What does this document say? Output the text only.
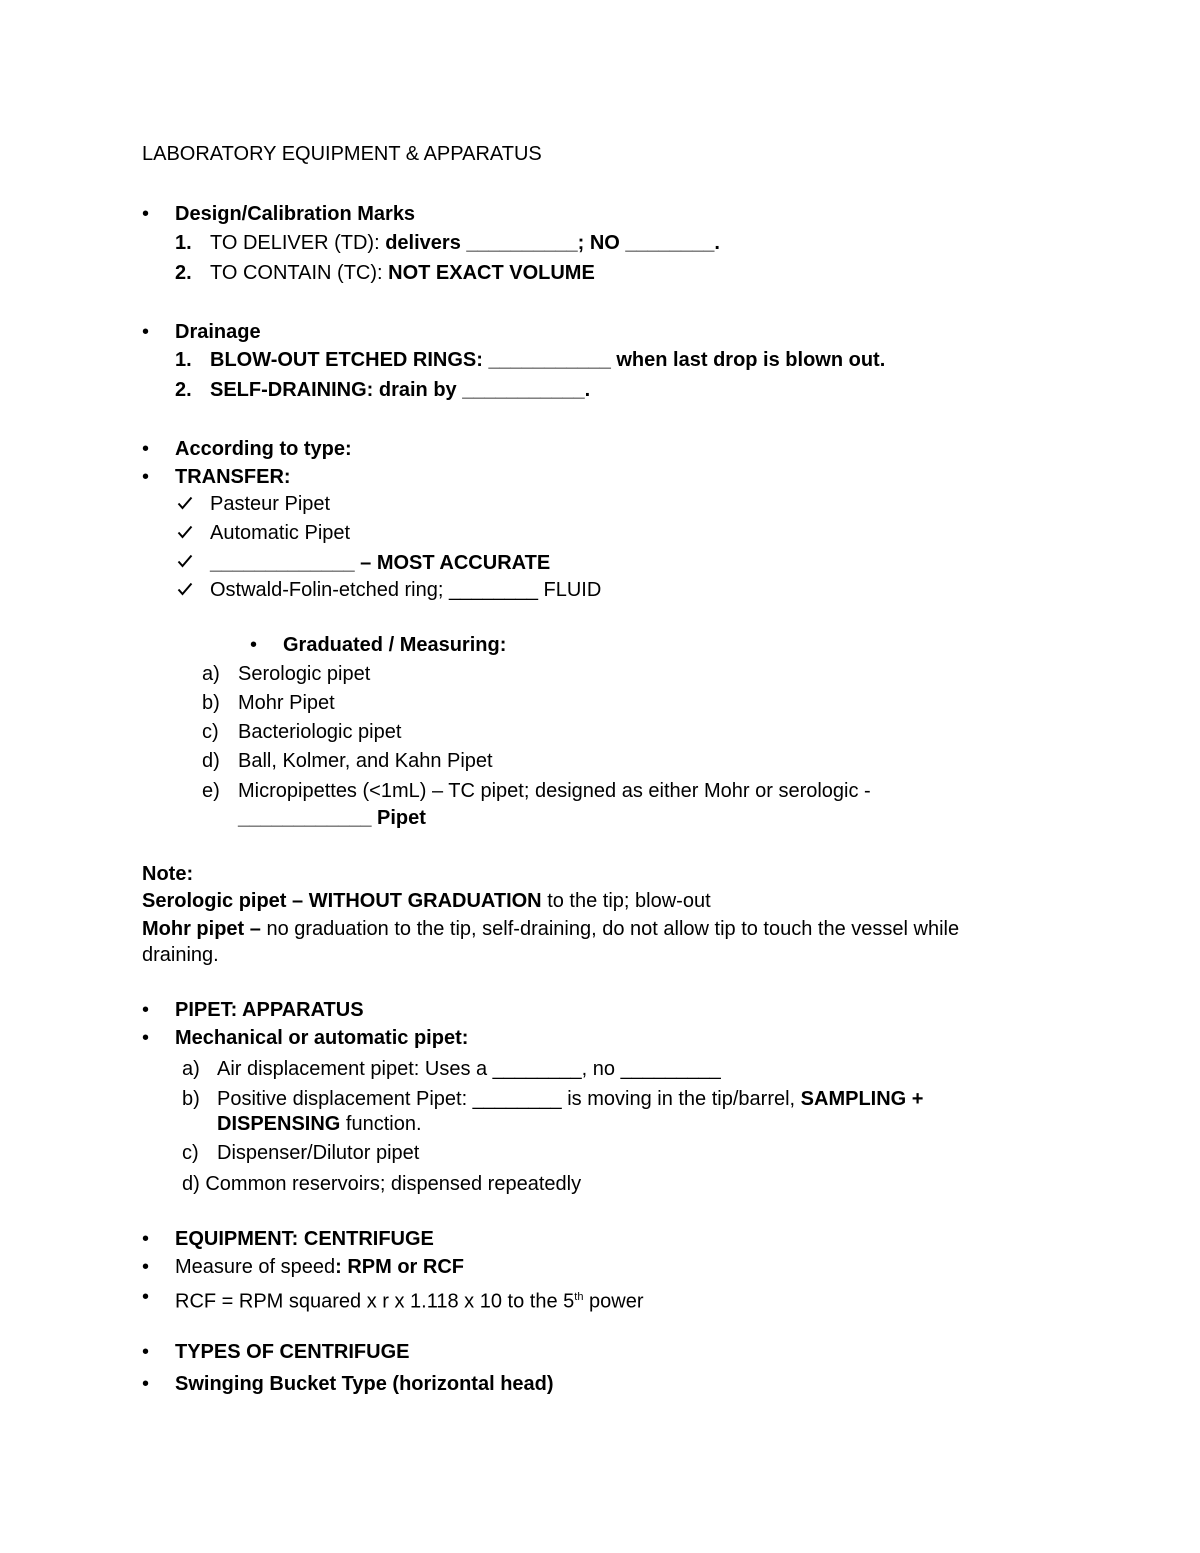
LABORATORY EQUIPMENT & APPARATUS
• Design/Calibration Marks
1. TO DELIVER (TD): delivers __________; NO ________.
2. TO CONTAIN (TC): NOT EXACT VOLUME
• Drainage
1. BLOW-OUT ETCHED RINGS: ___________ when last drop is blown out.
2. SELF-DRAINING: drain by ___________.
• According to type:
• TRANSFER:
Pasteur Pipet
Automatic Pipet
_____________ – MOST ACCURATE
Ostwald-Folin-etched ring; ________ FLUID
• Graduated / Measuring:
a) Serologic pipet
b) Mohr Pipet
c) Bacteriologic pipet
d) Ball, Kolmer, and Kahn Pipet
e) Micropipettes (<1mL) – TC pipet; designed as either Mohr or serologic -
____________ Pipet
Note:
Serologic pipet – WITHOUT GRADUATION to the tip; blow-out
Mohr pipet – no graduation to the tip, self-draining, do not allow tip to touch the vessel while
draining.
• PIPET: APPARATUS
• Mechanical or automatic pipet:
a) Air displacement pipet: Uses a ________, no _________
b) Positive displacement Pipet: ________ is moving in the tip/barrel, SAMPLING +
DISPENSING function.
c) Dispenser/Dilutor pipet
d) Common reservoirs; dispensed repeatedly
• EQUIPMENT: CENTRIFUGE
• Measure of speed: RPM or RCF
• RCF = RPM squared x r x 1.118 x 10 to the 5th power
• TYPES OF CENTRIFUGE
• Swinging Bucket Type (horizontal head)
